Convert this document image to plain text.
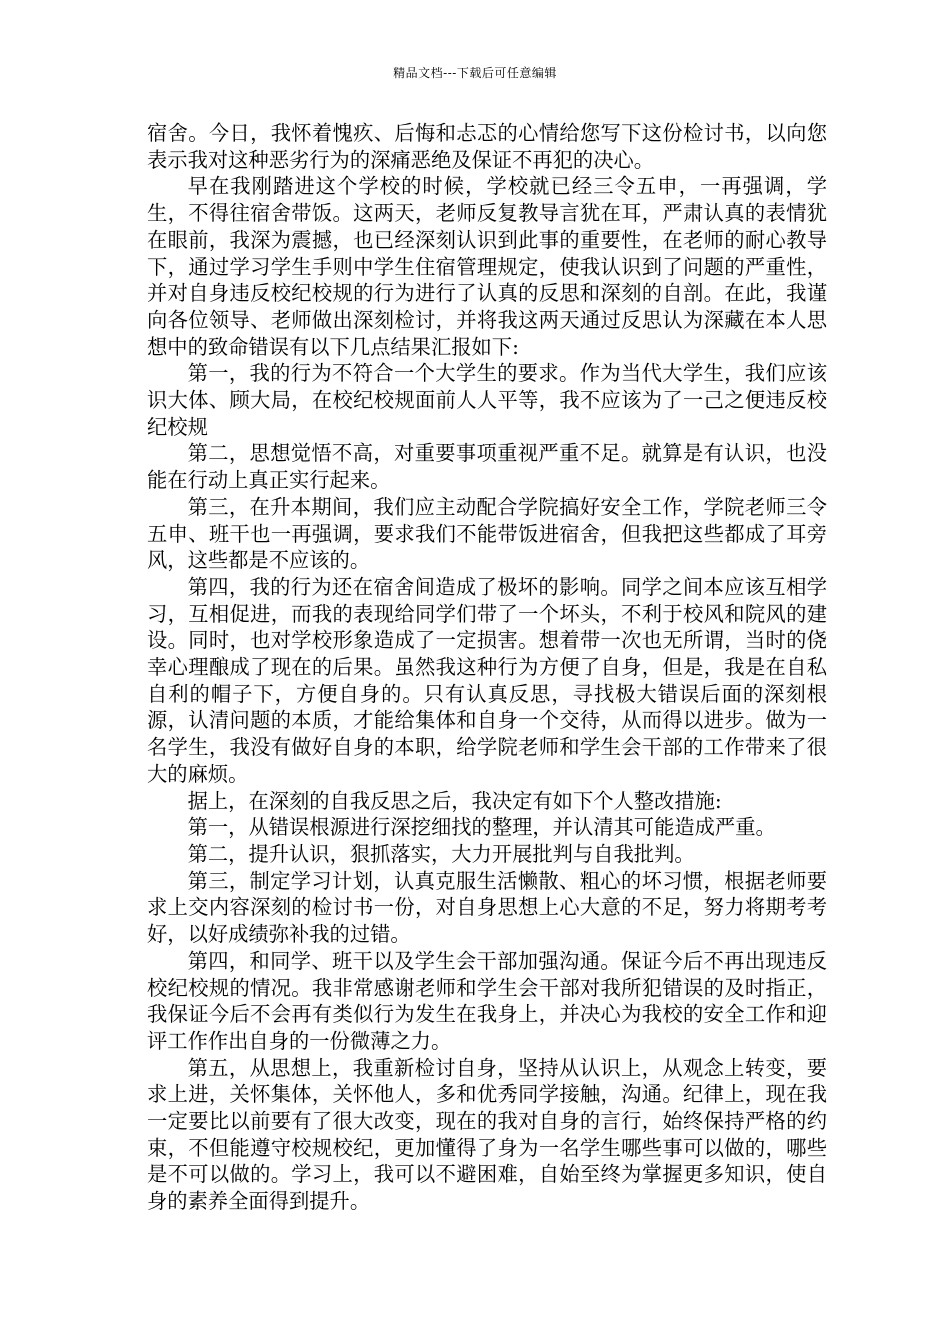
精品文档---下载后可任意编辑

宿舍。今日，我怀着愧疚、后悔和忐忑的心情给您写下这份检讨书，以向您表示我对这种恶劣行为的深痛恶绝及保证不再犯的决心。

早在我刚踏进这个学校的时候，学校就已经三令五申，一再强调，学生，不得往宿舍带饭。这两天，老师反复教导言犹在耳，严肃认真的表情犹在眼前，我深为震撼，也已经深刻认识到此事的重要性，在老师的耐心教导下，通过学习学生手则中学生住宿管理规定，使我认识到了问题的严重性，并对自身违反校纪校规的行为进行了认真的反思和深刻的自剖。在此，我谨向各位领导、老师做出深刻检讨，并将我这两天通过反思认为深藏在本人思想中的致命错误有以下几点结果汇报如下:

第一，我的行为不符合一个大学生的要求。作为当代大学生，我们应该识大体、顾大局，在校纪校规面前人人平等，我不应该为了一己之便违反校纪校规

第二，思想觉悟不高，对重要事项重视严重不足。就算是有认识，也没能在行动上真正实行起来。

第三，在升本期间，我们应主动配合学院搞好安全工作，学院老师三令五申、班干也一再强调，要求我们不能带饭进宿舍，但我把这些都成了耳旁风，这些都是不应该的。

第四，我的行为还在宿舍间造成了极坏的影响。同学之间本应该互相学习，互相促进，而我的表现给同学们带了一个坏头，不利于校风和院风的建设。同时，也对学校形象造成了一定损害。想着带一次也无所谓，当时的侥幸心理酿成了现在的后果。虽然我这种行为方便了自身，但是，我是在自私自利的帽子下，方便自身的。只有认真反思，寻找极大错误后面的深刻根源，认清问题的本质，才能给集体和自身一个交待，从而得以进步。做为一名学生，我没有做好自身的本职，给学院老师和学生会干部的工作带来了很大的麻烦。

据上，在深刻的自我反思之后，我决定有如下个人整改措施:

第一，从错误根源进行深挖细找的整理，并认清其可能造成严重。

第二，提升认识，狠抓落实，大力开展批判与自我批判。

第三，制定学习计划，认真克服生活懒散、粗心的坏习惯，根据老师要求上交内容深刻的检讨书一份，对自身思想上心大意的不足，努力将期考考好，以好成绩弥补我的过错。

第四，和同学、班干以及学生会干部加强沟通。保证今后不再出现违反校纪校规的情况。我非常感谢老师和学生会干部对我所犯错误的及时指正，我保证今后不会再有类似行为发生在我身上，并决心为我校的安全工作和迎评工作作出自身的一份微薄之力。

第五，从思想上，我重新检讨自身，坚持从认识上，从观念上转变，要求上进，关怀集体，关怀他人，多和优秀同学接触，沟通。纪律上，现在我一定要比以前要有了很大改变，现在的我对自身的言行，始终保持严格的约束，不但能遵守校规校纪，更加懂得了身为一名学生哪些事可以做的，哪些是不可以做的。学习上，我可以不避困难，自始至终为掌握更多知识，使自身的素养全面得到提升。
